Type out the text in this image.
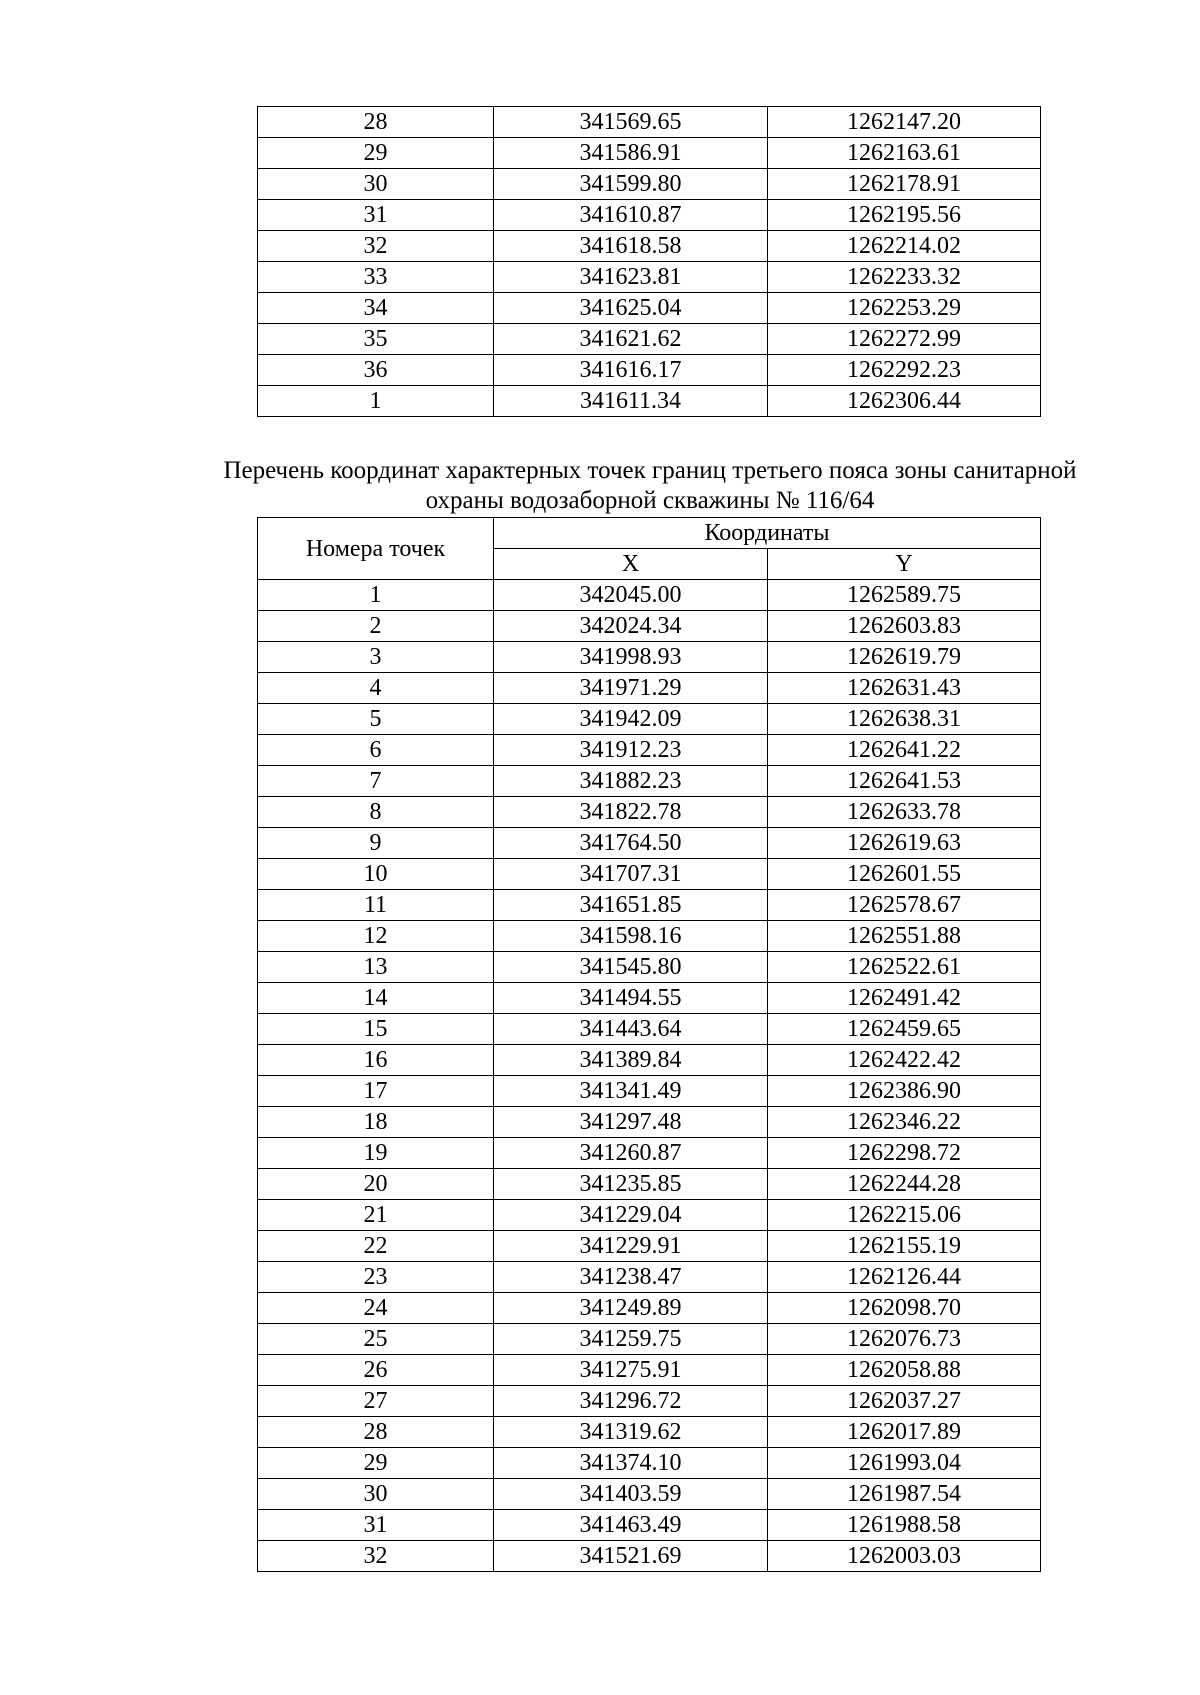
28	341569.65	1262147.20
29	341586.91	1262163.61
30	341599.80	1262178.91
31	341610.87	1262195.56
32	341618.58	1262214.02
33	341623.81	1262233.32
34	341625.04	1262253.29
35	341621.62	1262272.99
36	341616.17	1262292.23
1	341611.34	1262306.44
Перечень координат характерных точек границ третьего пояса зоны санитарной
охраны водозаборной скважины № 116/64
Номера точек	Координаты	
	X	Y
1	342045.00	1262589.75
2	342024.34	1262603.83
3	341998.93	1262619.79
4	341971.29	1262631.43
5	341942.09	1262638.31
6	341912.23	1262641.22
7	341882.23	1262641.53
8	341822.78	1262633.78
9	341764.50	1262619.63
10	341707.31	1262601.55
11	341651.85	1262578.67
12	341598.16	1262551.88
13	341545.80	1262522.61
14	341494.55	1262491.42
15	341443.64	1262459.65
16	341389.84	1262422.42
17	341341.49	1262386.90
18	341297.48	1262346.22
19	341260.87	1262298.72
20	341235.85	1262244.28
21	341229.04	1262215.06
22	341229.91	1262155.19
23	341238.47	1262126.44
24	341249.89	1262098.70
25	341259.75	1262076.73
26	341275.91	1262058.88
27	341296.72	1262037.27
28	341319.62	1262017.89
29	341374.10	1261993.04
30	341403.59	1261987.54
31	341463.49	1261988.58
32	341521.69	1262003.03
